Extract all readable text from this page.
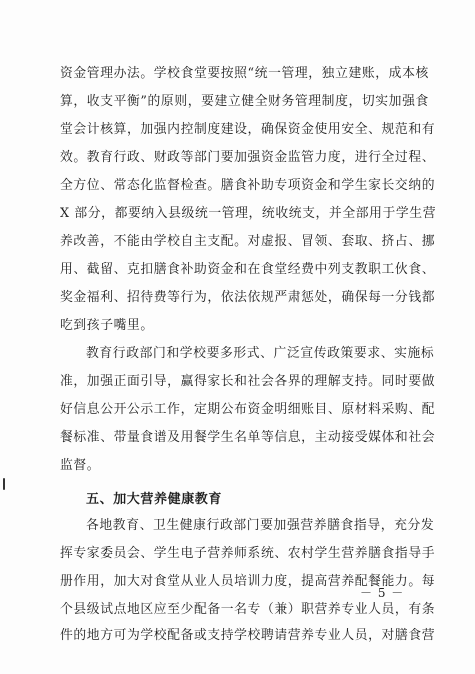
资金管理办法。学校食堂要按照“统一管理，独立建账，成本核
算，收支平衡”的原则，要建立健全财务管理制度，切实加强食
堂会计核算，加强内控制度建设，确保资金使用安全、规范和有
效。教育行政、财政等部门要加强资金监管力度，进行全过程、
全方位、常态化监督检查。膳食补助专项资金和学生家长交纳的
X 部分，都要纳入县级统一管理，统收统支，并全部用于学生营
养改善，不能由学校自主支配。对虚报、冒领、套取、挤占、挪
用、截留、克扣膳食补助资金和在食堂经费中列支教职工伙食、
奖金福利、招待费等行为，依法依规严肃惩处，确保每一分钱都
吃到孩子嘴里。
教育行政部门和学校要多形式、广泛宣传政策要求、实施标
准，加强正面引导，赢得家长和社会各界的理解支持。同时要做
好信息公开公示工作，定期公布资金明细账目、原材料采购、配
餐标准、带量食谱及用餐学生名单等信息，主动接受媒体和社会
监督。
五、加大营养健康教育
各地教育、卫生健康行政部门要加强营养膳食指导，充分发
挥专家委员会、学生电子营养师系统、农村学生营养膳食指导手
册作用，加大对食堂从业人员培训力度，提高营养配餐能力。每
个县级试点地区应至少配备一名专（兼）职营养专业人员，有条
件的地方可为学校配备或支持学校聘请营养专业人员，对膳食营
－ 5 －
